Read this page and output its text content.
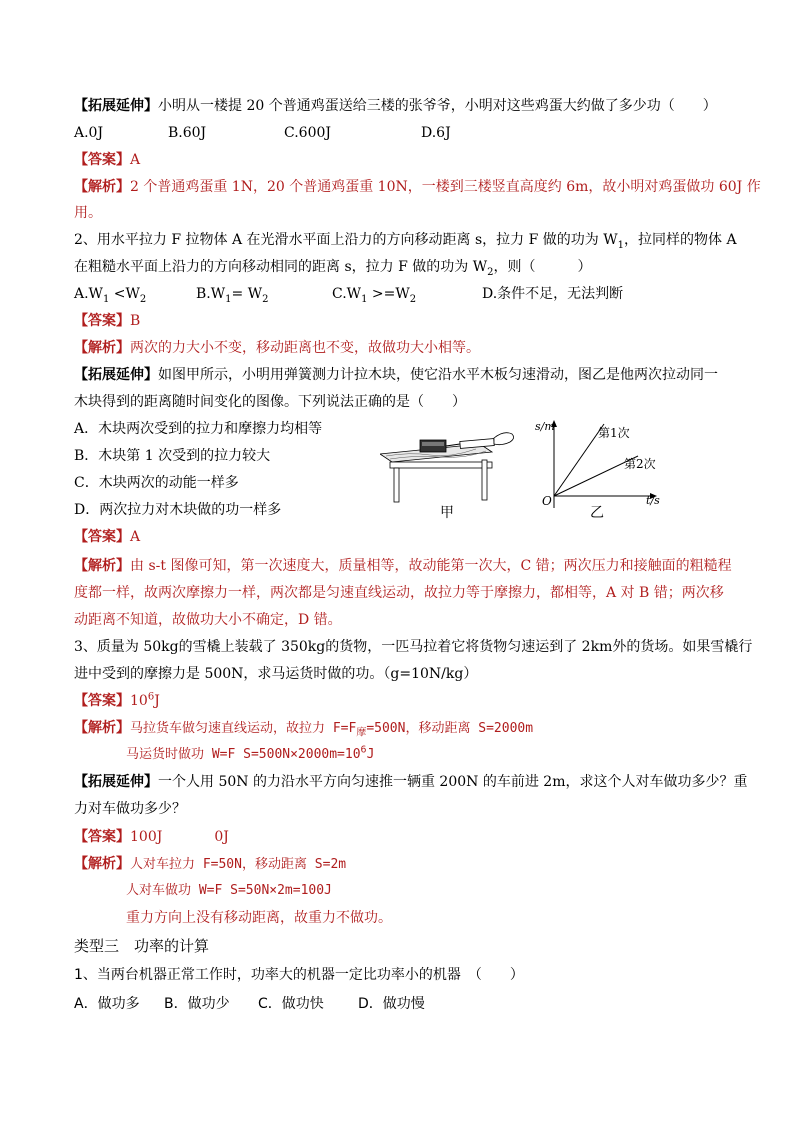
【拓展延伸】小明从一楼提 20 个普通鸡蛋送给三楼的张爷爷，小明对这些鸡蛋大约做了多少功（　　）
A.0J	B.60J	C.600J	D.6J
【答案】A
【解析】2 个普通鸡蛋重 1N，20 个普通鸡蛋重 10N，一楼到三楼竖直高度约 6m，故小明对鸡蛋做功 60J 作
用。
2、用水平拉力 F 拉物体 A 在光滑水平面上沿力的方向移动距离 s，拉力 F 做的功为 $W_1$，拉同样的物体 A
在粗糙水平面上沿力的方向移动相同的距离 s，拉力 F 做的功为 $W_2$，则（　　　）
$A.W_1 <W_2$	$B.W_1= W_2$	$C.W_1 >=W_2$	D.条件不足，无法判断
【答案】B
【解析】两次的力大小不变，移动距离也不变，故做功大小相等。
【拓展延伸】如图甲所示，小明用弹簧测力计拉木块，使它沿水平木板匀速滑动，图乙是他两次拉动同一
木块得到的距离随时间变化的图像。下列说法正确的是（　　）
A．木块两次受到的拉力和摩擦力均相等
B．木块第 1 次受到的拉力较大
C．木块两次的动能一样多
D．两次拉力对木块做的功一样多	甲
s/m
t/s
O
第1次
第2次
乙
【答案】A
【解析】由 s-t 图像可知，第一次速度大，质量相等，故动能第一次大，C 错；两次压力和接触面的粗糙程
度都一样，故两次摩擦力一样，两次都是匀速直线运动，故拉力等于摩擦力，都相等，A 对 B 错；两次移
动距离不知道，故做功大小不确定，D 错。
3、质量为 50kg的雪橇上装载了 350kg的货物，一匹马拉着它将货物匀速运到了 2km外的货场。如果雪橇行
进中受到的摩擦力是 500N，求马运货时做的功。（g=10N/kg）
【答案】$10^6J$
【解析】马拉货车做匀速直线运动，故拉力 $F=F_摩=500N$，移动距离 S=2000m
马运货时做功 W=F $S=500N\times 2000m=10^6J$
【拓展延伸】一个人用 50N 的力沿水平方向匀速推一辆重 200N 的车前进 2m，求这个人对车做功多少？重
力对车做功多少？
【答案】100J	0J
【解析】人对车拉力 F=50N，移动距离 S=2m
人对车做功 W=F S=50N×2m=100J
重力方向上没有移动距离，故重力不做功。
类型三　功率的计算
1、当两台机器正常工作时，功率大的机器一定比功率小的机器　（　　）
A．做功多 B．做功少 C．做功快 D．做功慢
